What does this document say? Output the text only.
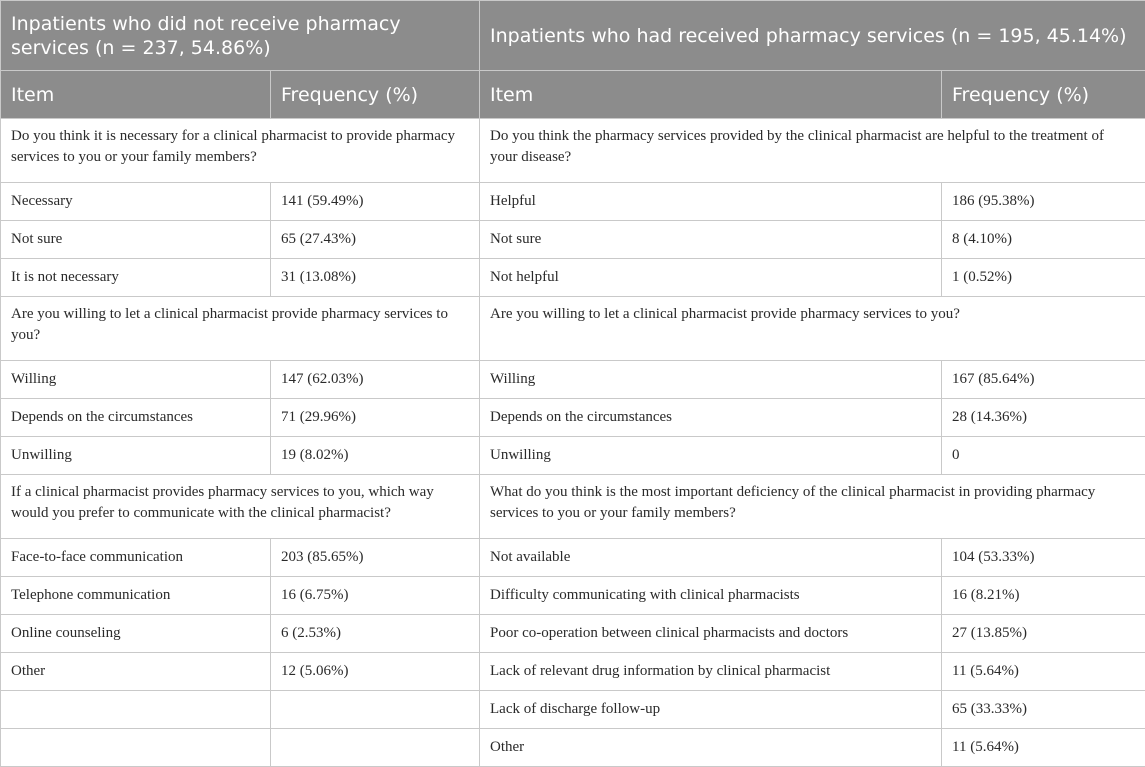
Inpatients who did not receive pharmacy services (n = 237, 54.86%)		Inpatients who had received pharmacy services (n = 195, 45.14%)	
Item	Frequency (%)	Item	Frequency (%)
Do you think it is necessary for a clinical pharmacist to provide pharmacy services to you or your family members?		Do you think the pharmacy services provided by the clinical pharmacist are helpful to the treatment of your disease?	
Necessary	141 (59.49%)	Helpful	186 (95.38%)
Not sure	65 (27.43%)	Not sure	8 (4.10%)
It is not necessary	31 (13.08%)	Not helpful	1 (0.52%)
Are you willing to let a clinical pharmacist provide pharmacy services to you?		Are you willing to let a clinical pharmacist provide pharmacy services to you?	
Willing	147 (62.03%)	Willing	167 (85.64%)
Depends on the circumstances	71 (29.96%)	Depends on the circumstances	28 (14.36%)
Unwilling	19 (8.02%)	Unwilling	0
If a clinical pharmacist provides pharmacy services to you, which way would you prefer to communicate with the clinical pharmacist?		What do you think is the most important deficiency of the clinical pharmacist in providing pharmacy services to you or your family members?	
Face-to-face communication	203 (85.65%)	Not available	104 (53.33%)
Telephone communication	16 (6.75%)	Difficulty communicating with clinical pharmacists	16 (8.21%)
Online counseling	6 (2.53%)	Poor co-operation between clinical pharmacists and doctors	27 (13.85%)
Other	12 (5.06%)	Lack of relevant drug information by clinical pharmacist	11 (5.64%)
		Lack of discharge follow-up	65 (33.33%)
		Other	11 (5.64%)
